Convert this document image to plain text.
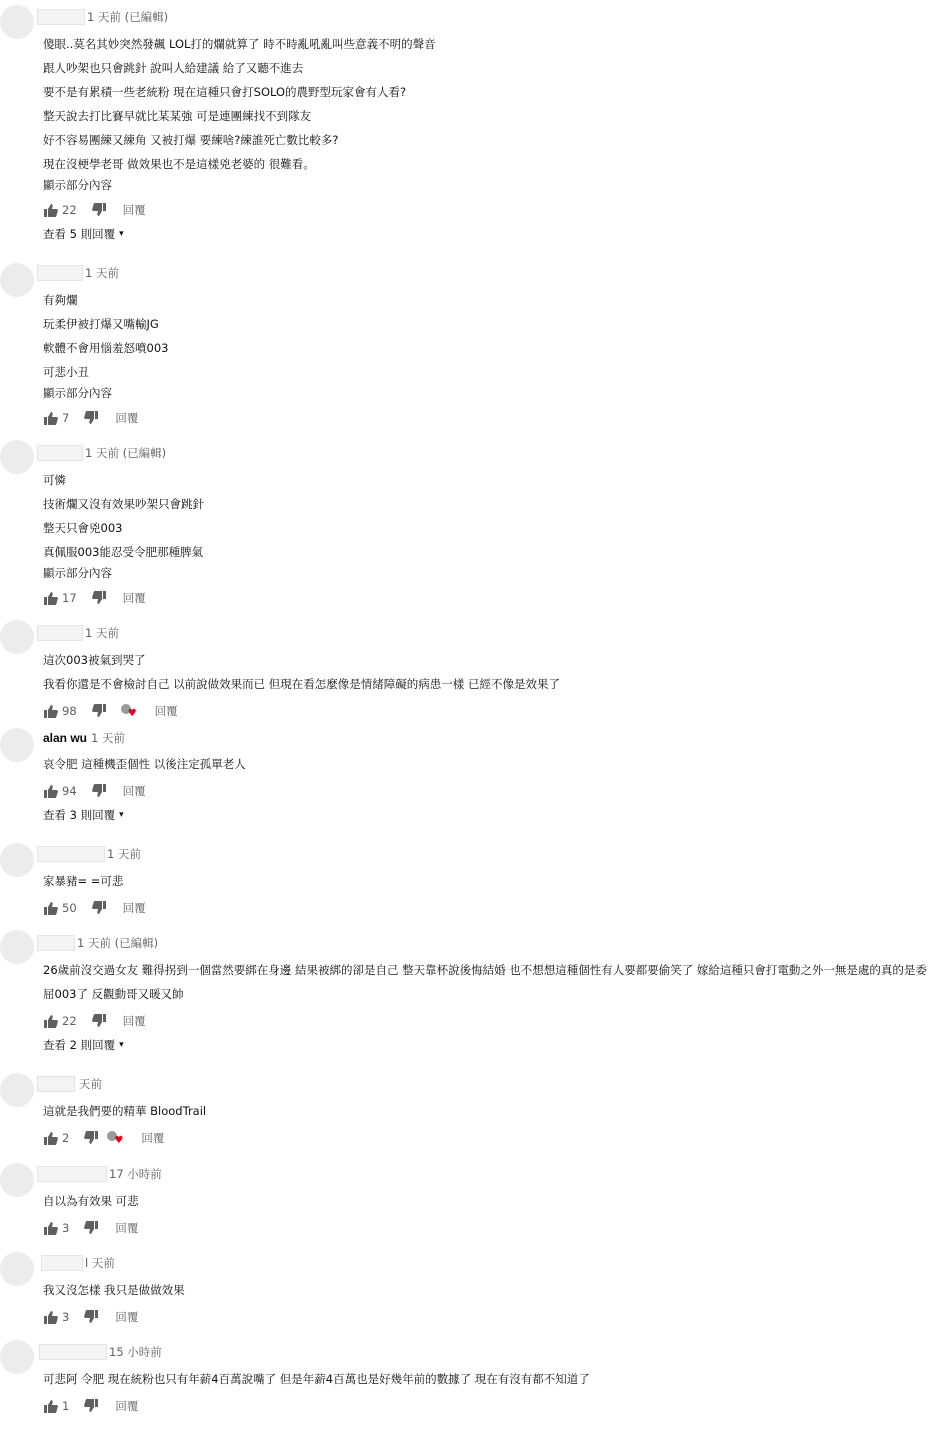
1 天前 (已編輯)
傻眼..莫名其妙突然發飆 LOL打的爛就算了 時不時亂吼亂叫些意義不明的聲音
跟人吵架也只會跳針 說叫人給建議 給了又聽不進去
要不是有累積一些老統粉 現在這種只會打SOLO的農野型玩家會有人看?
整天說去打比賽早就比某某強 可是連團練找不到隊友
好不容易團練又練角 又被打爆 要練啥?練誰死亡數比較多?
現在沒梗學老哥 做效果也不是這樣兇老婆的 很難看。
顯示部分內容
22	回覆
查看 5 則回覆 ▾
1 天前
有夠爛
玩柔伊被打爆又嘴輸JG
軟體不會用惱羞怒噴003
可悲小丑
顯示部分內容
7	回覆
1 天前 (已編輯)
可憐
技術爛又沒有效果吵架只會跳針
整天只會兇003
真佩服003能忍受令肥那種脾氣
顯示部分內容
17	回覆
1 天前
這次003被氣到哭了
我看你還是不會檢討自己 以前說做效果而已 但現在看怎麼像是情緒障礙的病患一樣 已經不像是效果了
98	♥ 回覆
alan wu 1 天前
哀令肥 這種機歪個性 以後注定孤單老人
94	回覆
查看 3 則回覆 ▾
1 天前
家暴豬= =可悲
50	回覆
1 天前 (已編輯)
26歲前沒交過女友 難得拐到一個當然要綁在身邊 結果被綁的卻是自己 整天靠杯說後悔結婚 也不想想這種個性有人要都要偷笑了 嫁給這種只會打電動之外一無是處的真的是委屈003了 反觀動哥又暖又帥
22	回覆
查看 2 則回覆 ▾
天前
這就是我們要的精華 BloodTrail
2	♥ 回覆
17 小時前
自以為有效果 可悲
3	回覆
l 天前
我又沒怎樣 我只是做做效果
3	回覆
15 小時前
可悲阿 令肥 現在統粉也只有年薪4百萬說嘴了 但是年薪4百萬也是好幾年前的數據了 現在有沒有都不知道了
1	回覆
